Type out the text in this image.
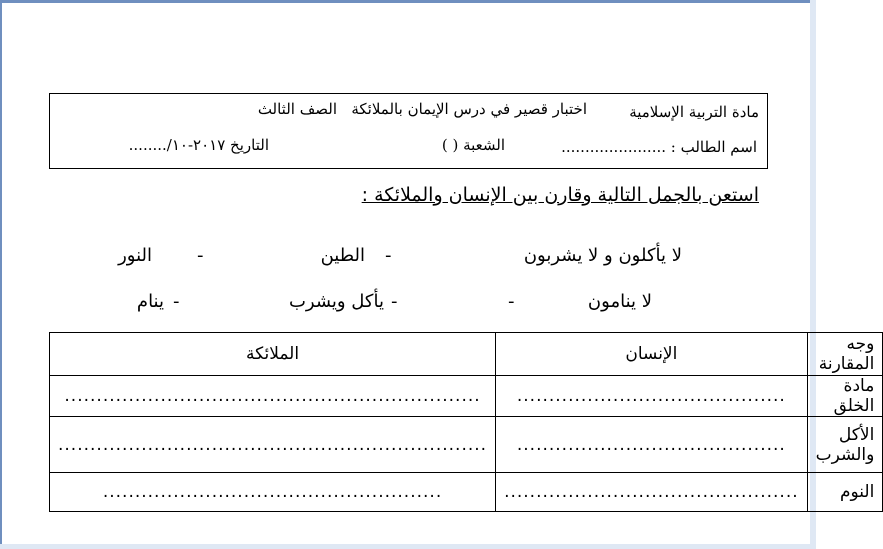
مادة التربية الإسلامية
اختبار قصير في درس الإيمان بالملائكة
الصف الثالث
اسم الطالب : ......................
الشعبة ( )
التاريخ ٢٠١٧-١٠/........
استعن بالجمل التالية وقارن بين الإنسان والملائكة :
لا يأكلون و لا يشربون
-
الطين
-
النور
لا ينامون
-
-
يأكل ويشرب
-
ينام
وجه المقارنة	الإنسان	الملائكة
مادة الخلق	..........................................	.................................................................
الأكل والشرب	..........................................	...................................................................
النوم	..............................................	.....................................................
